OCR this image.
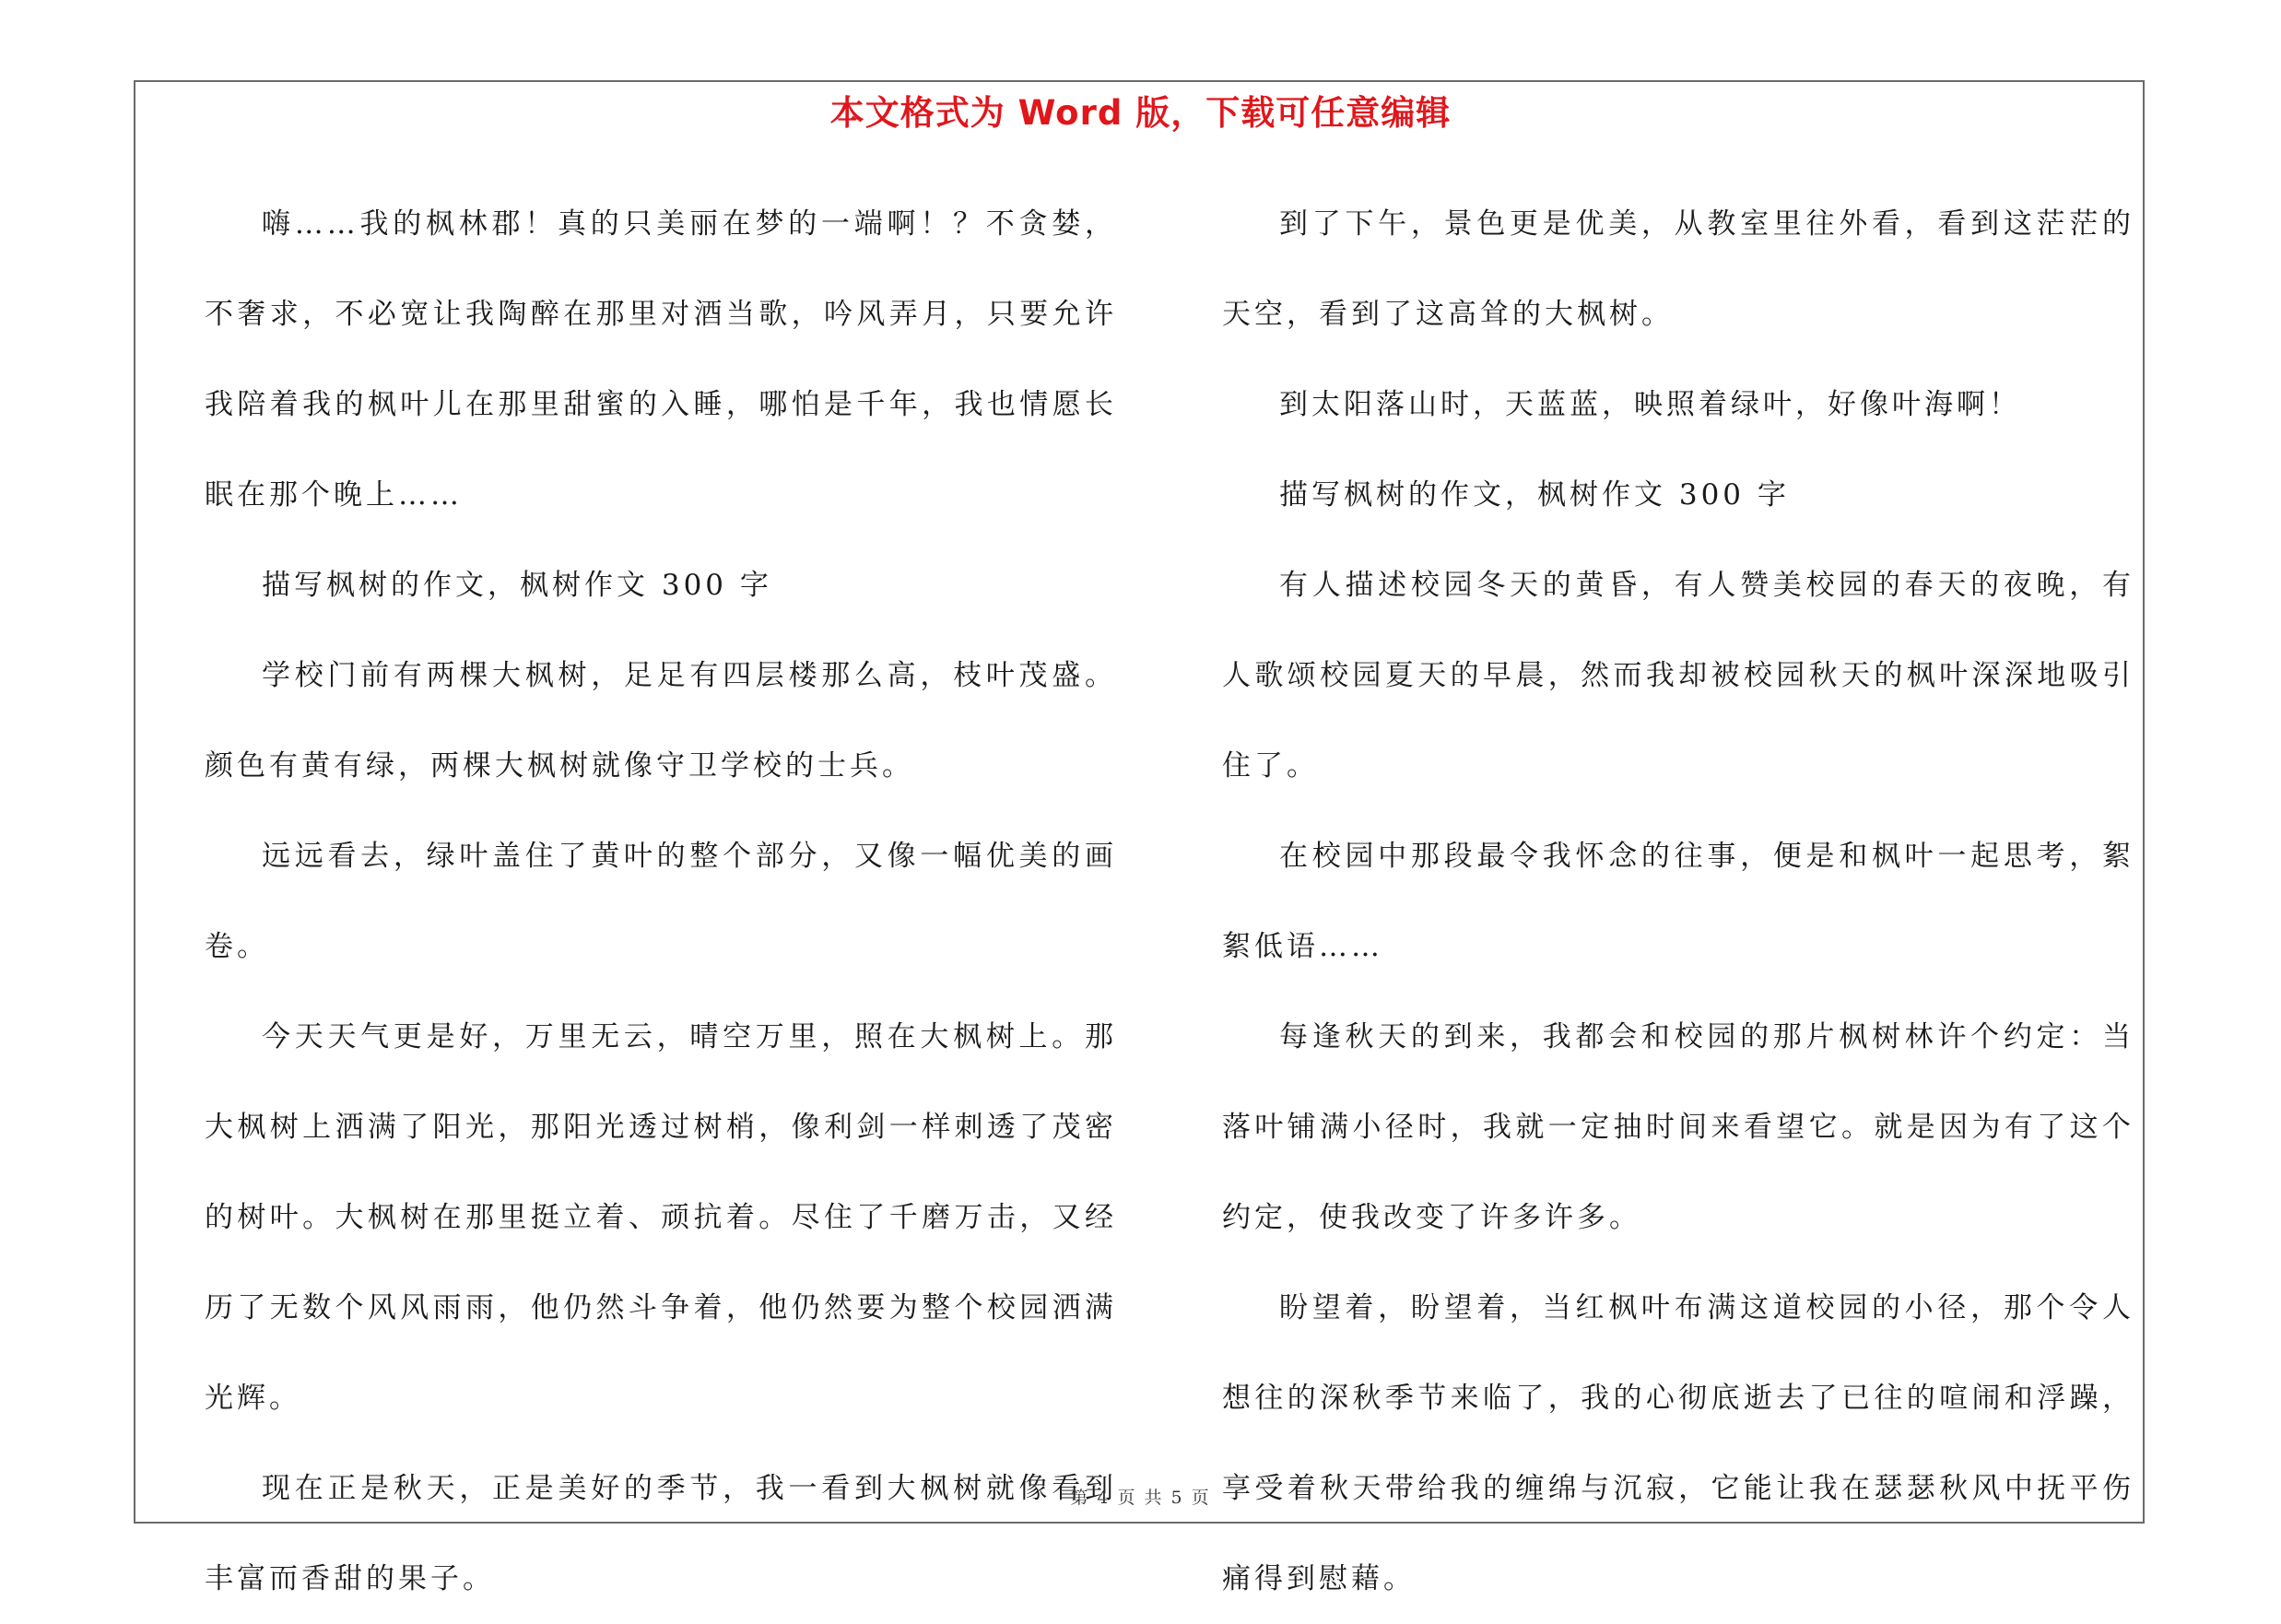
本文格式为 Word 版，下载可任意编辑

嗨……我的枫林郡！真的只美丽在梦的一端啊！？不贪婪，不奢求，不必宽让我陶醉在那里对酒当歌，吟风弄月，只要允许我陪着我的枫叶儿在那里甜蜜的入睡，哪怕是千年，我也情愿长眠在那个晚上……

描写枫树的作文，枫树作文 300 字

学校门前有两棵大枫树，足足有四层楼那么高，枝叶茂盛。颜色有黄有绿，两棵大枫树就像守卫学校的士兵。

远远看去，绿叶盖住了黄叶的整个部分，又像一幅优美的画卷。

今天天气更是好，万里无云，晴空万里，照在大枫树上。那大枫树上洒满了阳光，那阳光透过树梢，像利剑一样刺透了茂密的树叶。大枫树在那里挺立着、顽抗着。尽住了千磨万击，又经历了无数个风风雨雨，他仍然斗争着，他仍然要为整个校园洒满光辉。

现在正是秋天，正是美好的季节，我一看到大枫树就像看到丰富而香甜的果子。

到了下午，景色更是优美，从教室里往外看，看到这茫茫的天空，看到了这高耸的大枫树。

到太阳落山时，天蓝蓝，映照着绿叶，好像叶海啊！

描写枫树的作文，枫树作文 300 字

有人描述校园冬天的黄昏，有人赞美校园的春天的夜晚，有人歌颂校园夏天的早晨，然而我却被校园秋天的枫叶深深地吸引住了。

在校园中那段最令我怀念的往事，便是和枫叶一起思考，絮絮低语……

每逢秋天的到来，我都会和校园的那片枫树林许个约定：当落叶铺满小径时，我就一定抽时间来看望它。就是因为有了这个约定，使我改变了许多许多。

盼望着，盼望着，当红枫叶布满这道校园的小径，那个令人想往的深秋季节来临了，我的心彻底逝去了已往的喧闹和浮躁，享受着秋天带给我的缠绵与沉寂，它能让我在瑟瑟秋风中抚平伤痛得到慰藉。

第 4 页 共 5 页
